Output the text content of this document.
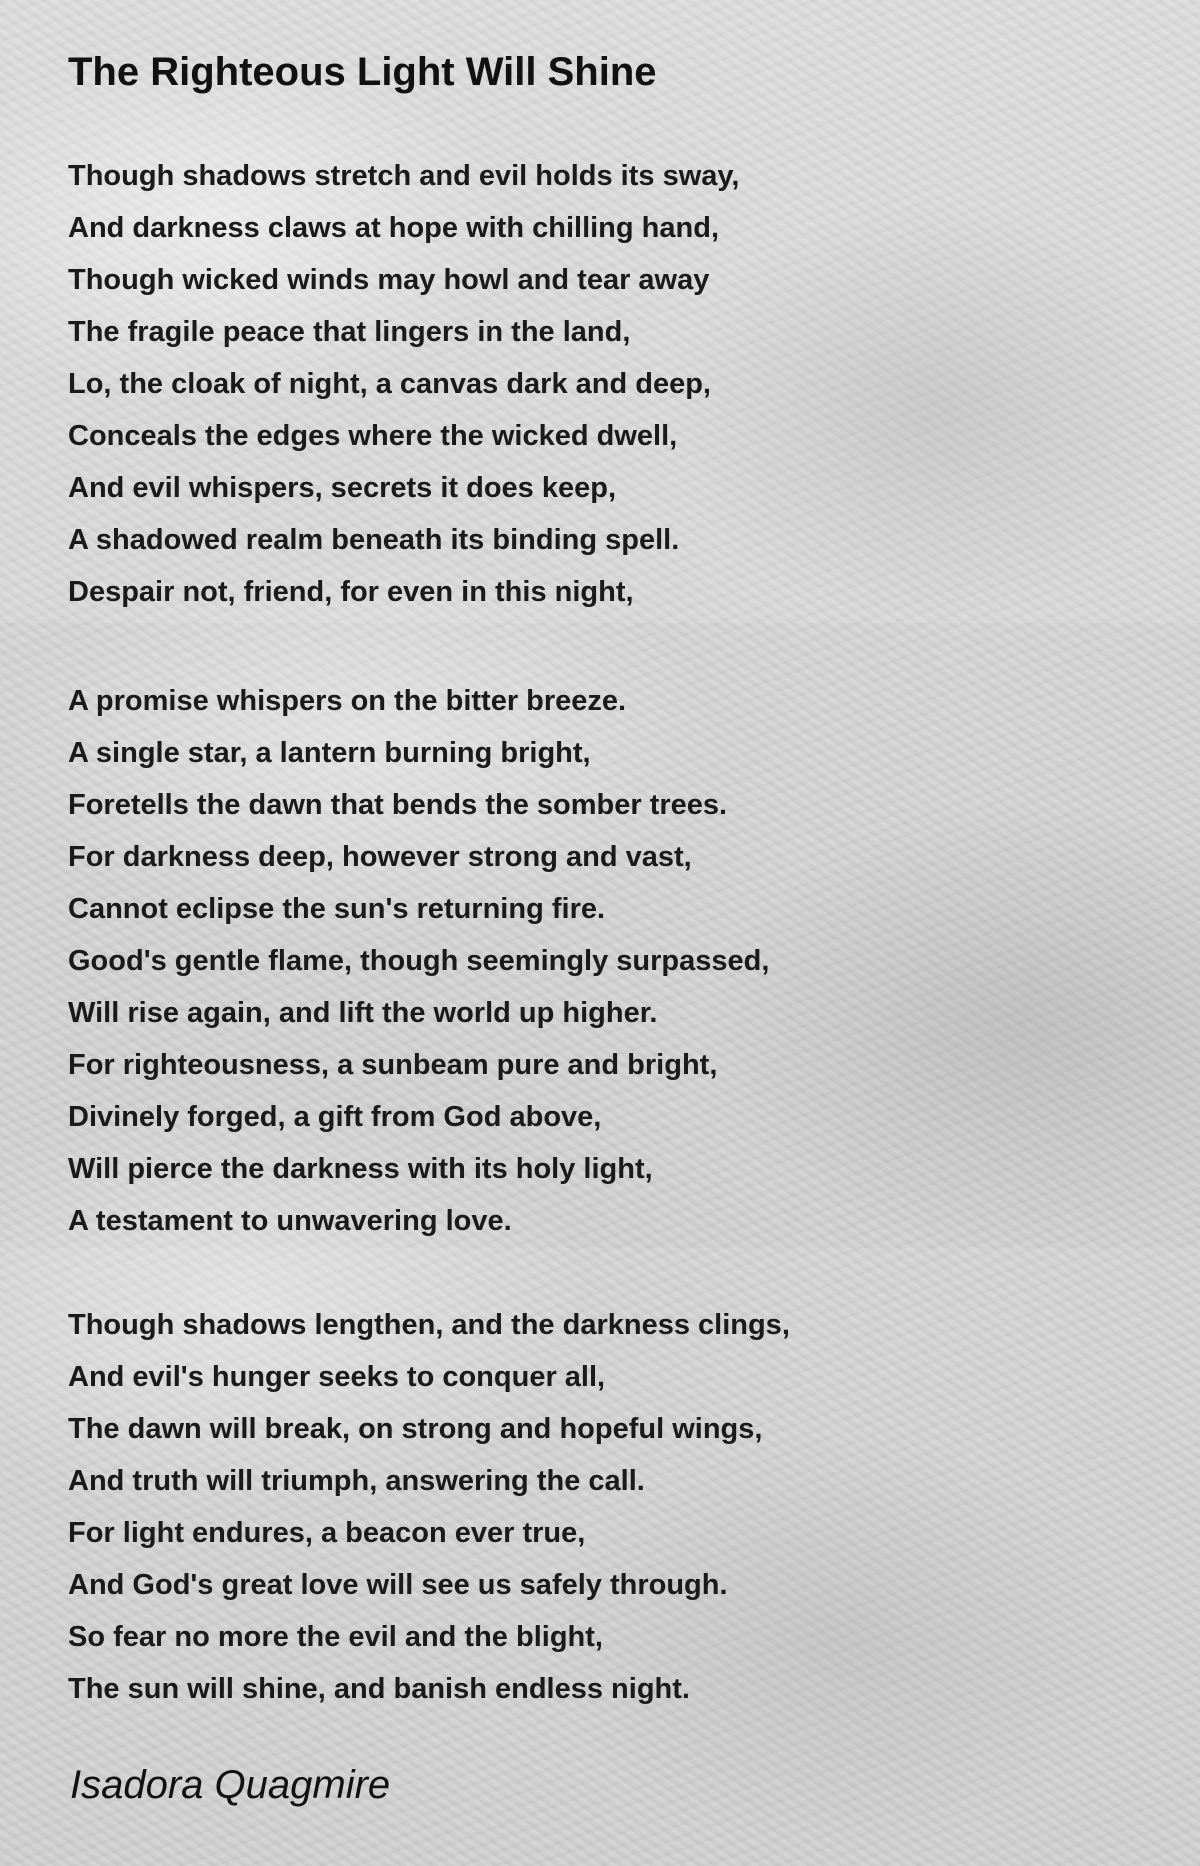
The Righteous Light Will Shine
Though shadows stretch and evil holds its sway,
And darkness claws at hope with chilling hand,
Though wicked winds may howl and tear away
The fragile peace that lingers in the land,
Lo, the cloak of night, a canvas dark and deep,
Conceals the edges where the wicked dwell,
And evil whispers, secrets it does keep,
A shadowed realm beneath its binding spell.
Despair not, friend, for even in this night,
A promise whispers on the bitter breeze.
A single star, a lantern burning bright,
Foretells the dawn that bends the somber trees.
For darkness deep, however strong and vast,
Cannot eclipse the sun's returning fire.
Good's gentle flame, though seemingly surpassed,
Will rise again, and lift the world up higher.
For righteousness, a sunbeam pure and bright,
Divinely forged, a gift from God above,
Will pierce the darkness with its holy light,
A testament to unwavering love.
Though shadows lengthen, and the darkness clings,
And evil's hunger seeks to conquer all,
The dawn will break, on strong and hopeful wings,
And truth will triumph, answering the call.
For light endures, a beacon ever true,
And God's great love will see us safely through.
So fear no more the evil and the blight,
The sun will shine, and banish endless night.

Isadora Quagmire
